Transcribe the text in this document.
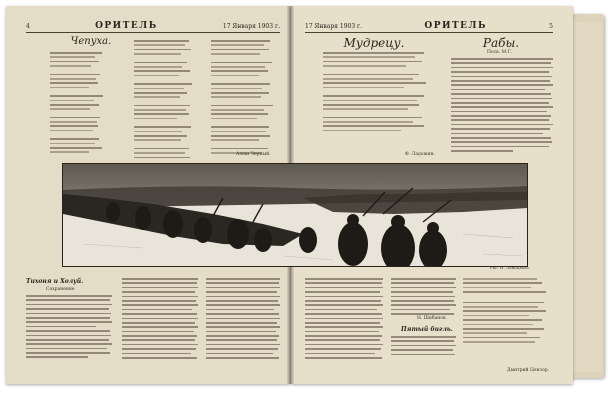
4	ОРИТЕЛЬ	17 Января 1903 г.
Чепуха.
Алеш Черный.
Тихоня и Холуй.
Сохранение
17 Января 1903 г.	ОРИТЕЛЬ	5
Мудрецу.	Рабы.
Посв. М.Г.
Ф. Ладожин.
Н. Шибанов.
Пятый бигль.
Дмитрий Цензор.
Рис. Н. Левицкого.
